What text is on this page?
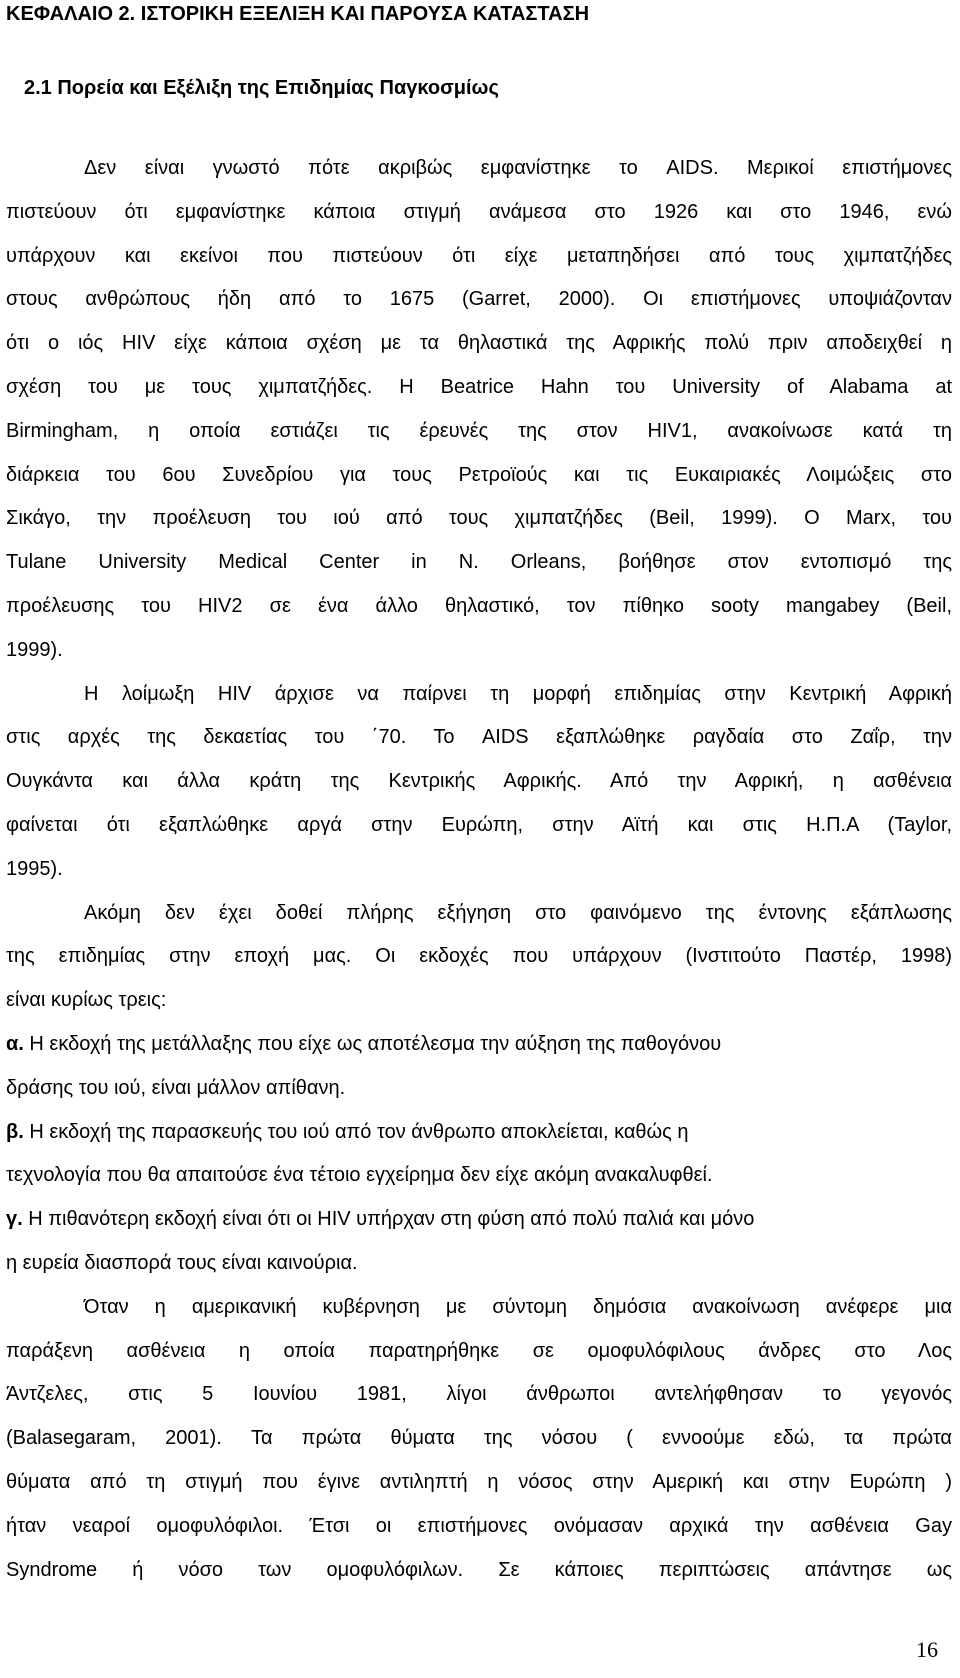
ΚΕΦΑΛΑΙΟ 2. ΙΣΤΟΡΙΚΗ ΕΞΕΛΙΞΗ ΚΑΙ ΠΑΡΟΥΣΑ ΚΑΤΑΣΤΑΣΗ
2.1 Πορεία και Εξέλιξη της Επιδημίας Παγκοσμίως
Δεν είναι γνωστό πότε ακριβώς εμφανίστηκε το AIDS. Μερικοί επιστήμονες
πιστεύουν ότι εμφανίστηκε κάποια στιγμή ανάμεσα στο 1926 και στο 1946, ενώ
υπάρχουν και εκείνοι που πιστεύουν ότι είχε μεταπηδήσει από τους χιμπατζήδες
στους ανθρώπους ήδη από το 1675 (Garret, 2000). Οι επιστήμονες υποψιάζονταν
ότι ο ιός HIV είχε κάποια σχέση με τα θηλαστικά της Αφρικής πολύ πριν αποδειχθεί η
σχέση του με τους χιμπατζήδες. Η Beatrice Hahn του University of Alabama at
Birmingham, η οποία εστιάζει τις έρευνές της στον HIV1, ανακοίνωσε κατά τη
διάρκεια του 6ου Συνεδρίου για τους Ρετροϊούς και τις Ευκαιριακές Λοιμώξεις στο
Σικάγο, την προέλευση του ιού από τους χιμπατζήδες (Beil, 1999). Ο Marx, του
Tulane University Medical Center in N. Orleans, βοήθησε στον εντοπισμό της
προέλευσης του HIV2 σε ένα άλλο θηλαστικό, τον πίθηκο sooty mangabey (Beil,
1999).
Η λοίμωξη HIV άρχισε να παίρνει τη μορφή επιδημίας στην Κεντρική Αφρική
στις αρχές της δεκαετίας του ΄70. Το AIDS εξαπλώθηκε ραγδαία στο Ζαΐρ, την
Ουγκάντα και άλλα κράτη της Κεντρικής Αφρικής. Από την Αφρική, η ασθένεια
φαίνεται ότι εξαπλώθηκε αργά στην Ευρώπη, στην Αϊτή και στις Η.Π.Α (Taylor,
1995).
Ακόμη δεν έχει δοθεί πλήρης εξήγηση στο φαινόμενο της έντονης εξάπλωσης
της επιδημίας στην εποχή μας. Οι εκδοχές που υπάρχουν (Ινστιτούτο Παστέρ, 1998)
είναι κυρίως τρεις:
α. Η εκδοχή της μετάλλαξης που είχε ως αποτέλεσμα την αύξηση της παθογόνου
δράσης του ιού, είναι μάλλον απίθανη.
β. Η εκδοχή της παρασκευής του ιού από τον άνθρωπο αποκλείεται, καθώς η
τεχνολογία που θα απαιτούσε ένα τέτοιο εγχείρημα δεν είχε ακόμη ανακαλυφθεί.
γ. Η πιθανότερη εκδοχή είναι ότι οι HIV υπήρχαν στη φύση από πολύ παλιά και μόνο
η ευρεία διασπορά τους είναι καινούρια.
Όταν η αμερικανική κυβέρνηση με σύντομη δημόσια ανακοίνωση ανέφερε μια
παράξενη ασθένεια η οποία παρατηρήθηκε σε ομοφυλόφιλους άνδρες στο Λος
Άντζελες, στις 5 Ιουνίου 1981, λίγοι άνθρωποι αντελήφθησαν το γεγονός
(Balasegaram, 2001). Τα πρώτα θύματα της νόσου ( εννοούμε εδώ, τα πρώτα
θύματα από τη στιγμή που έγινε αντιληπτή η νόσος στην Αμερική και στην Ευρώπη )
ήταν νεαροί ομοφυλόφιλοι. Έτσι οι επιστήμονες ονόμασαν αρχικά την ασθένεια Gay
Syndrome ή νόσο των ομοφυλόφιλων. Σε κάποιες περιπτώσεις απάντησε ως
16
